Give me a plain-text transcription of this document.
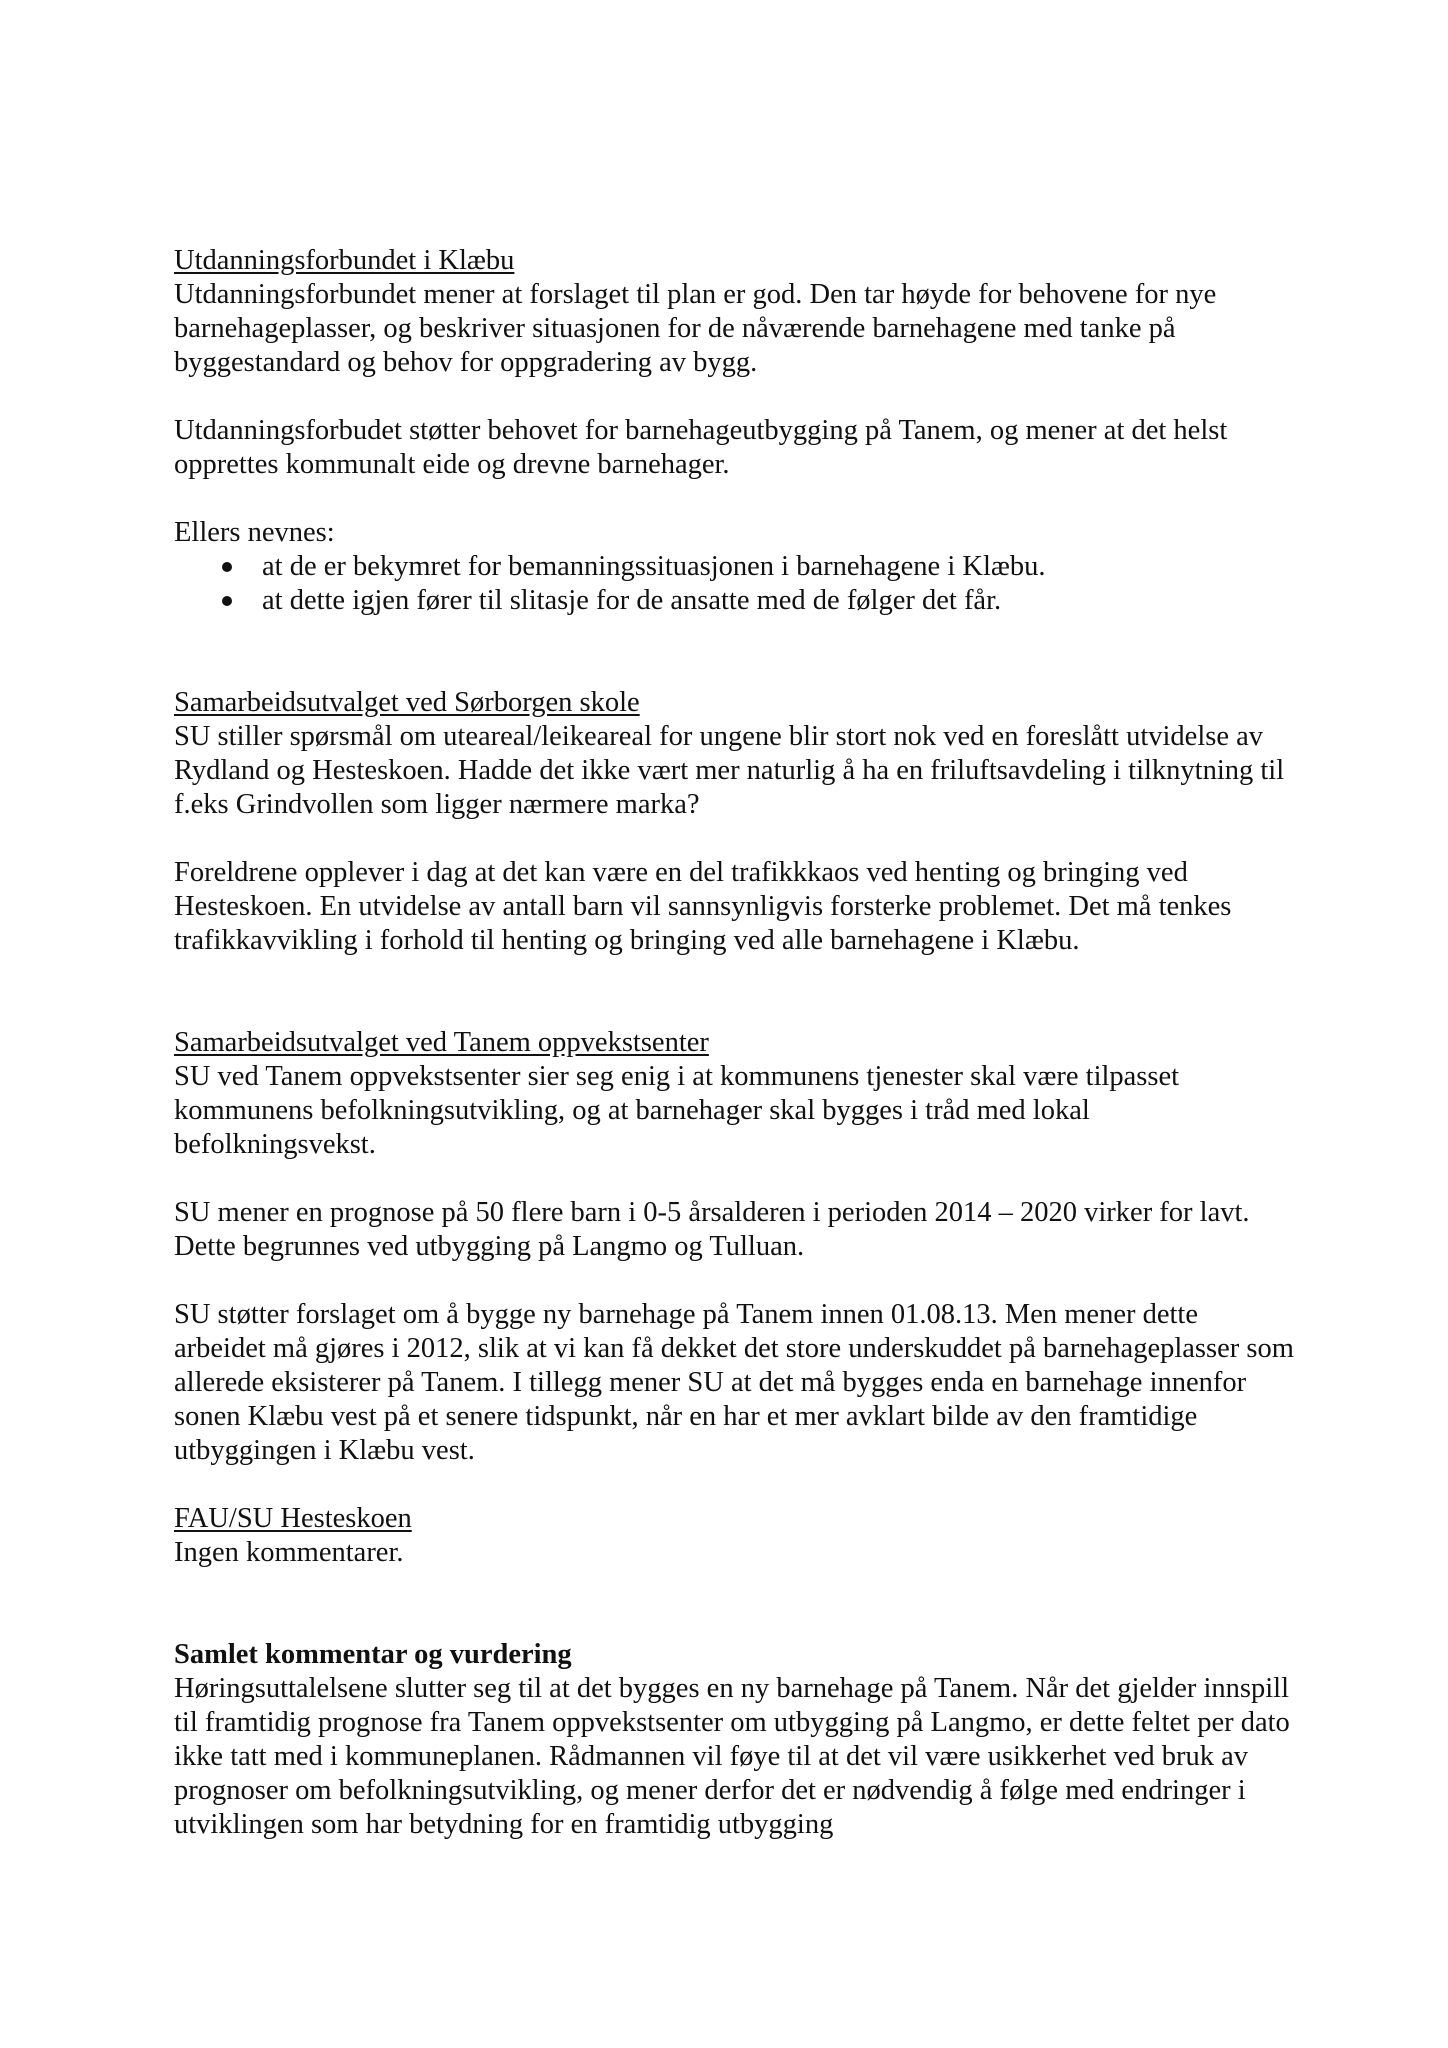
Utdanningsforbundet i Klæbu

Utdanningsforbundet mener at forslaget til plan er god. Den tar høyde for behovene for nye barnehageplasser, og beskriver situasjonen for de nåværende barnehagene med tanke på byggestandard og behov for oppgradering av bygg.

Utdanningsforbudet støtter behovet for barnehageutbygging på Tanem, og mener at det helst opprettes kommunalt eide og drevne barnehager.

Ellers nevnes:

at de er bekymret for bemanningssituasjonen i barnehagene i Klæbu.
at dette igjen fører til slitasje for de ansatte med de følger det får.

Samarbeidsutvalget ved Sørborgen skole

SU stiller spørsmål om uteareal/leikeareal for ungene blir stort nok ved en foreslått utvidelse av Rydland og Hesteskoen. Hadde det ikke vært mer naturlig å ha en friluftsavdeling i tilknytning til f.eks Grindvollen som ligger nærmere marka?

Foreldrene opplever i dag at det kan være en del trafikkkaos ved henting og bringing ved Hesteskoen. En utvidelse av antall barn vil sannsynligvis forsterke problemet. Det må tenkes trafikkavvikling i forhold til henting og bringing ved alle barnehagene i Klæbu.

Samarbeidsutvalget ved Tanem oppvekstsenter

SU ved Tanem oppvekstsenter sier seg enig i at kommunens tjenester skal være tilpasset kommunens befolkningsutvikling, og at barnehager skal bygges i tråd med lokal befolkningsvekst.

SU mener en prognose på 50 flere barn i 0-5 årsalderen i perioden 2014 – 2020 virker for lavt. Dette begrunnes ved utbygging på Langmo og Tulluan.

SU støtter forslaget om å bygge ny barnehage på Tanem innen 01.08.13. Men mener dette arbeidet må gjøres i 2012, slik at vi kan få dekket det store underskuddet på barnehageplasser som allerede eksisterer på Tanem. I tillegg mener SU at det må bygges enda en barnehage innenfor sonen Klæbu vest på et senere tidspunkt, når en har et mer avklart bilde av den framtidige utbyggingen i Klæbu vest.

FAU/SU Hesteskoen

Ingen kommentarer.

Samlet kommentar og vurdering

Høringsuttalelsene slutter seg til at det bygges en ny barnehage på Tanem. Når det gjelder innspill til framtidig prognose fra Tanem oppvekstsenter om utbygging på Langmo, er dette feltet per dato ikke tatt med i kommuneplanen. Rådmannen vil føye til at det vil være usikkerhet ved bruk av prognoser om befolkningsutvikling, og mener derfor det er nødvendig å følge med endringer i utviklingen som har betydning for en framtidig utbygging
